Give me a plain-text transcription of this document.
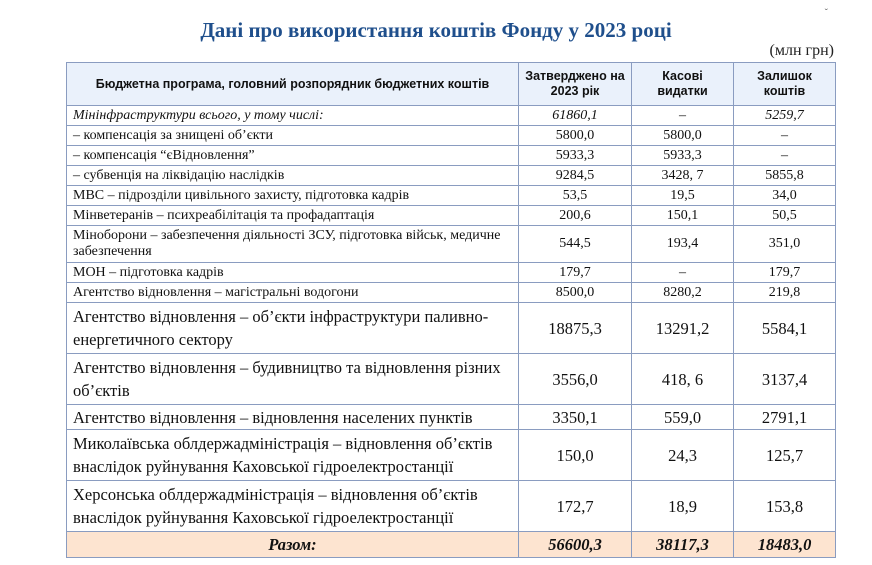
Дані про використання коштів Фонду у 2023 році
ˇ
(млн грн)
Бюджетна програма, головний розпорядник бюджетних коштів	Затверджено на 2023 рік	Касові видатки	Залишок коштів
Мінінфраструктури всього, у тому числі:	61860,1	–	5259,7
– компенсація за знищені об’єкти	5800,0	5800,0	–
– компенсація “єВідновлення”	5933,3	5933,3	–
– субвенція на ліквідацію наслідків	9284,5	3428, 7	5855,8
МВС – підрозділи цивільного захисту, підготовка кадрів	53,5	19,5	34,0
Мінветеранів – психреабілітація та профадаптація	200,6	150,1	50,5
Міноборони – забезпечення діяльності ЗСУ, підготовка військ, медичне забезпечення	544,5	193,4	351,0
МОН – підготовка кадрів	179,7	–	179,7
Агентство відновлення – магістральні водогони	8500,0	8280,2	219,8
Агентство відновлення – об’єкти інфраструктури паливно-енергетичного сектору	18875,3	13291,2	5584,1
Агентство відновлення – будивництво та відновлення різних об’єктів	3556,0	418, 6	3137,4
Агентство відновлення – відновлення населених пунктів	3350,1	559,0	2791,1
Миколаївська облдержадміністрація – відновлення об’єктів внаслідок руйнування Каховської гідроелектростанції	150,0	24,3	125,7
Херсонська облдержадміністрація – відновлення об’єктів внаслідок руйнування Каховської гідроелектростанції	172,7	18,9	153,8
Разом:	56600,3	38117,3	18483,0
